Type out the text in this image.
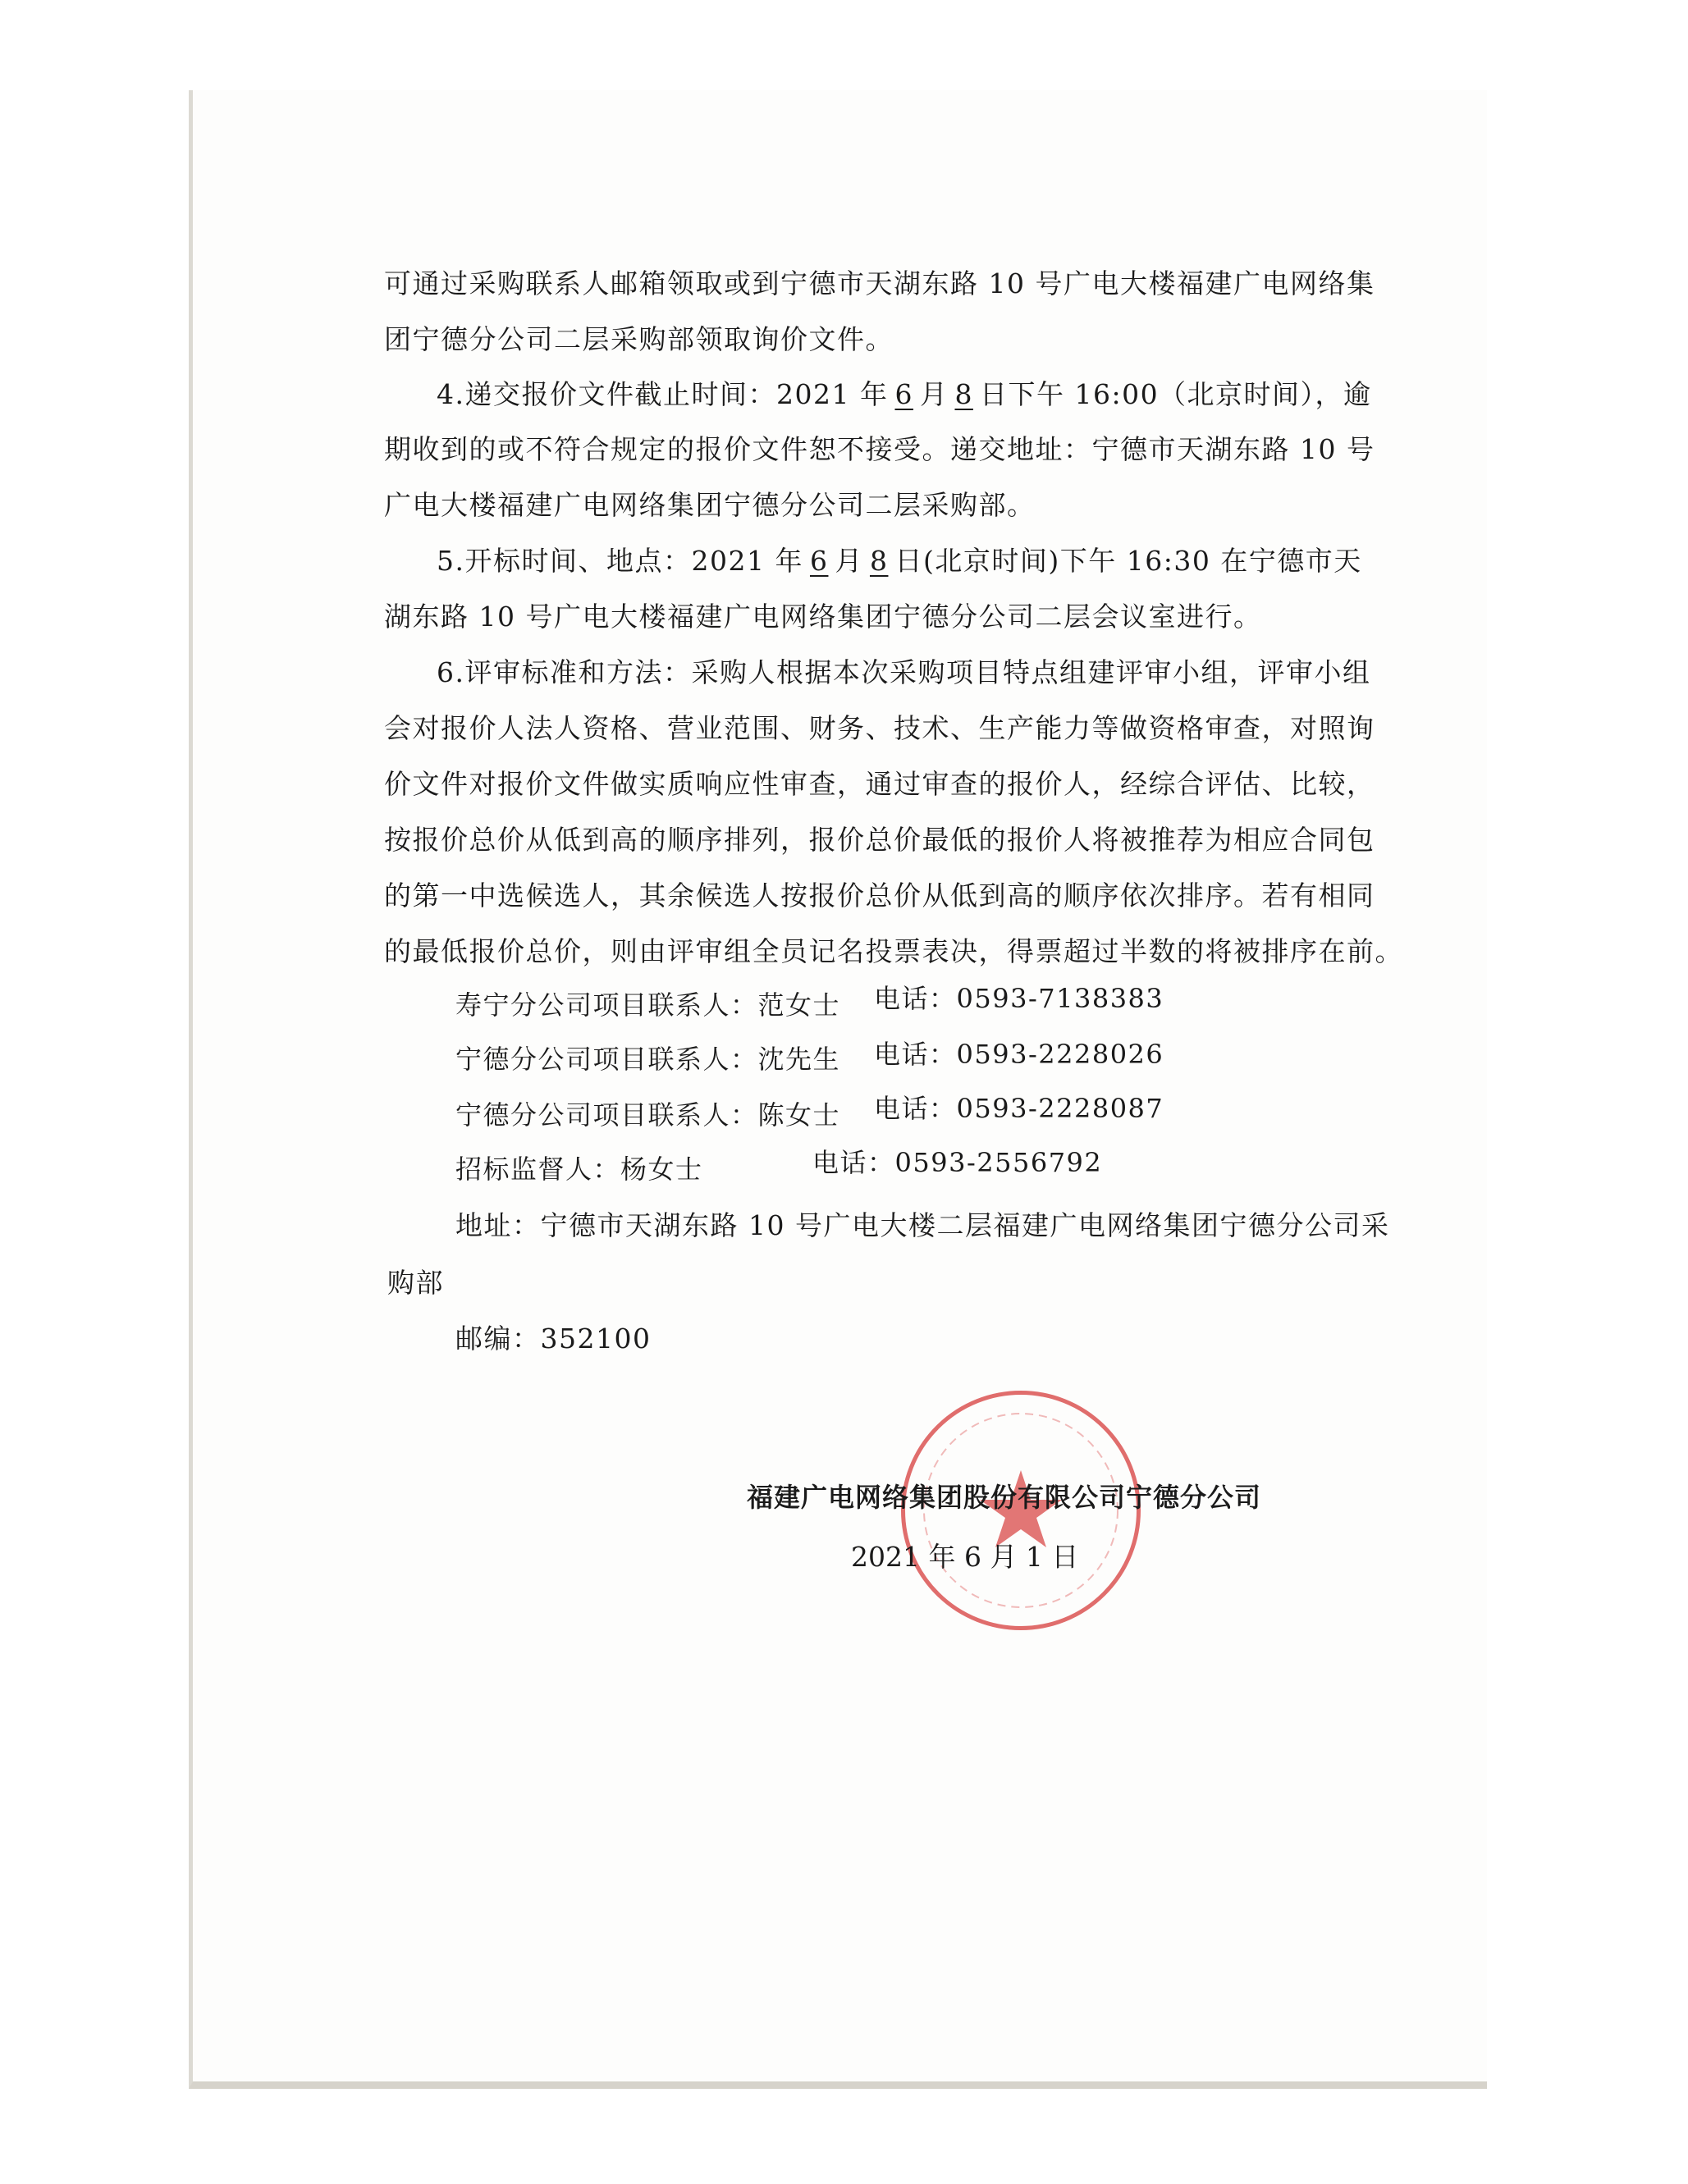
可通过采购联系人邮箱领取或到宁德市天湖东路 10 号广电大楼福建广电网络集
团宁德分公司二层采购部领取询价文件。
4.递交报价文件截止时间：2021 年 6 月 8 日下午 16:00（北京时间），逾
期收到的或不符合规定的报价文件恕不接受。递交地址：宁德市天湖东路 10 号
广电大楼福建广电网络集团宁德分公司二层采购部。
5.开标时间、地点：2021 年 6 月 8 日(北京时间)下午 16:30 在宁德市天
湖东路 10 号广电大楼福建广电网络集团宁德分公司二层会议室进行。
6.评审标准和方法：采购人根据本次采购项目特点组建评审小组，评审小组
会对报价人法人资格、营业范围、财务、技术、生产能力等做资格审查，对照询
价文件对报价文件做实质响应性审查，通过审查的报价人，经综合评估、比较，
按报价总价从低到高的顺序排列，报价总价最低的报价人将被推荐为相应合同包
的第一中选候选人，其余候选人按报价总价从低到高的顺序依次排序。若有相同
的最低报价总价，则由评审组全员记名投票表决，得票超过半数的将被排序在前。
寿宁分公司项目联系人：范女士 电话：0593-7138383
宁德分公司项目联系人：沈先生 电话：0593-2228026
宁德分公司项目联系人：陈女士 电话：0593-2228087
招标监督人：杨女士	电话：0593-2556792
地址：宁德市天湖东路 10 号广电大楼二层福建广电网络集团宁德分公司采
购部
邮编：352100
福建广电网络集团股份有限公司宁德分公司
2021 年 6 月 1 日
